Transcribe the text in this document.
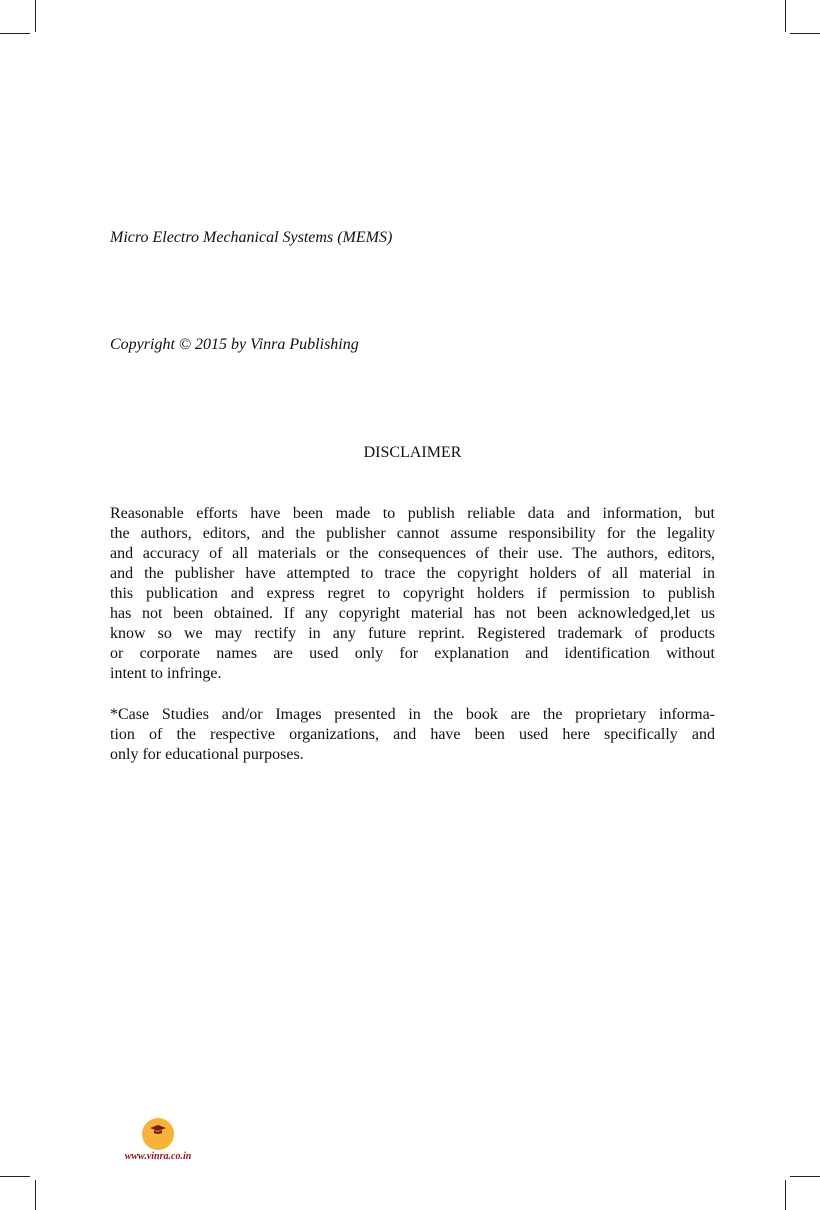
Micro Electro Mechanical Systems (MEMS)
Copyright © 2015 by Vinra Publishing
DISCLAIMER
Reasonable efforts have been made to publish reliable data and information, but
the authors, editors, and the publisher cannot assume responsibility for the legality
and accuracy of all materials or the consequences of their use. The authors, editors,
and the publisher have attempted to trace the copyright holders of all material in
this publication and express regret to copyright holders if permission to publish
has not been obtained. If any copyright material has not been acknowledged,let us
know so we may rectify in any future reprint. Registered trademark of products
or corporate names are used only for explanation and identification without
intent to infringe.
*Case Studies and/or Images presented in the book are the proprietary informa-
tion of the respective organizations, and have been used here specifically and
only for educational purposes.
www.vinra.co.in
